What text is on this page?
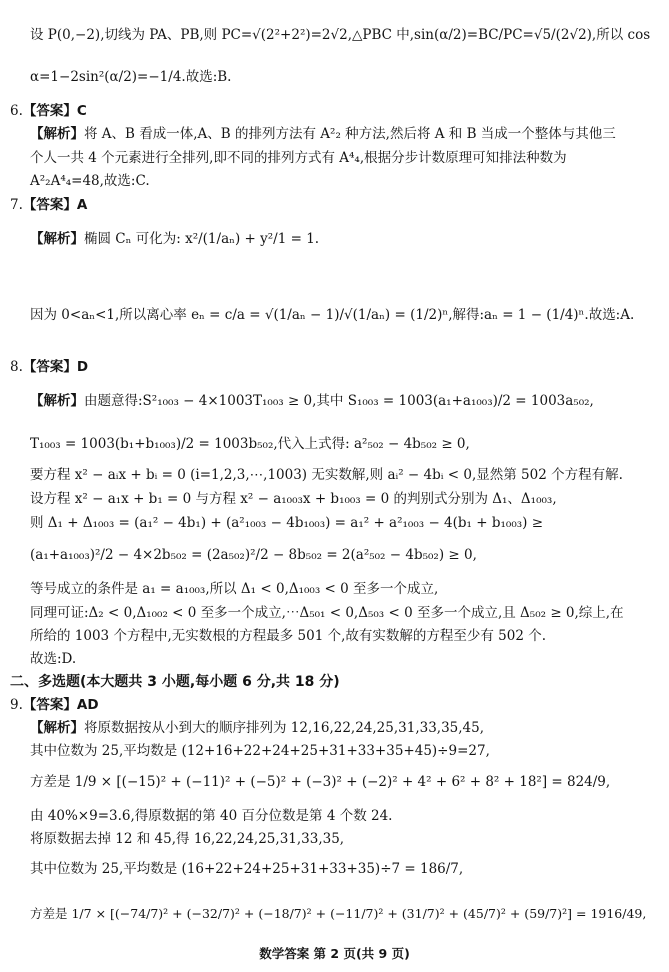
设 P(0,−2),切线为 PA、PB,则 PC=√(2²+2²)=2√2,△PBC 中,sin(α/2)=BC/PC=√5/(2√2),所以 cos
α=1−2sin²(α/2)=−1/4.故选:B.
6.【答案】C
【解析】将 A、B 看成一体,A、B 的排列方法有 A²₂ 种方法,然后将 A 和 B 当成一个整体与其他三
个人一共 4 个元素进行全排列,即不同的排列方式有 A⁴₄,根据分步计数原理可知排法种数为
A²₂A⁴₄=48,故选:C.
7.【答案】A
【解析】椭圆 Cₙ 可化为: x²/(1/aₙ) + y²/1 = 1.
因为 0<aₙ<1,所以离心率 eₙ = c/a = √(1/aₙ − 1)/√(1/aₙ) = (1/2)ⁿ,解得:aₙ = 1 − (1/4)ⁿ.故选:A.
8.【答案】D
【解析】由题意得:S²₁₀₀₃ − 4×1003T₁₀₀₃ ≥ 0,其中 S₁₀₀₃ = 1003(a₁+a₁₀₀₃)/2 = 1003a₅₀₂,
T₁₀₀₃ = 1003(b₁+b₁₀₀₃)/2 = 1003b₅₀₂,代入上式得: a²₅₀₂ − 4b₅₀₂ ≥ 0,
要方程 x² − aᵢx + bᵢ = 0 (i=1,2,3,⋯,1003) 无实数解,则 aᵢ² − 4bᵢ < 0,显然第 502 个方程有解.
设方程 x² − a₁x + b₁ = 0 与方程 x² − a₁₀₀₃x + b₁₀₀₃ = 0 的判别式分别为 Δ₁、Δ₁₀₀₃,
则 Δ₁ + Δ₁₀₀₃ = (a₁² − 4b₁) + (a²₁₀₀₃ − 4b₁₀₀₃) = a₁² + a²₁₀₀₃ − 4(b₁ + b₁₀₀₃) ≥
(a₁+a₁₀₀₃)²/2 − 4×2b₅₀₂ = (2a₅₀₂)²/2 − 8b₅₀₂ = 2(a²₅₀₂ − 4b₅₀₂) ≥ 0,
等号成立的条件是 a₁ = a₁₀₀₃,所以 Δ₁ < 0,Δ₁₀₀₃ < 0 至多一个成立,
同理可证:Δ₂ < 0,Δ₁₀₀₂ < 0 至多一个成立,⋯Δ₅₀₁ < 0,Δ₅₀₃ < 0 至多一个成立,且 Δ₅₀₂ ≥ 0,综上,在
所给的 1003 个方程中,无实数根的方程最多 501 个,故有实数解的方程至少有 502 个.
故选:D.
二、多选题(本大题共 3 小题,每小题 6 分,共 18 分)
9.【答案】AD
【解析】将原数据按从小到大的顺序排列为 12,16,22,24,25,31,33,35,45,
其中位数为 25,平均数是 (12+16+22+24+25+31+33+35+45)÷9=27,
方差是 1/9 × [(−15)² + (−11)² + (−5)² + (−3)² + (−2)² + 4² + 6² + 8² + 18²] = 824/9,
由 40%×9=3.6,得原数据的第 40 百分位数是第 4 个数 24.
将原数据去掉 12 和 45,得 16,22,24,25,31,33,35,
其中位数为 25,平均数是 (16+22+24+25+31+33+35)÷7 = 186/7,
方差是 1/7 × [(−74/7)² + (−32/7)² + (−18/7)² + (−11/7)² + (31/7)² + (45/7)² + (59/7)²] = 1916/49,
数学答案 第 2 页(共 9 页)
